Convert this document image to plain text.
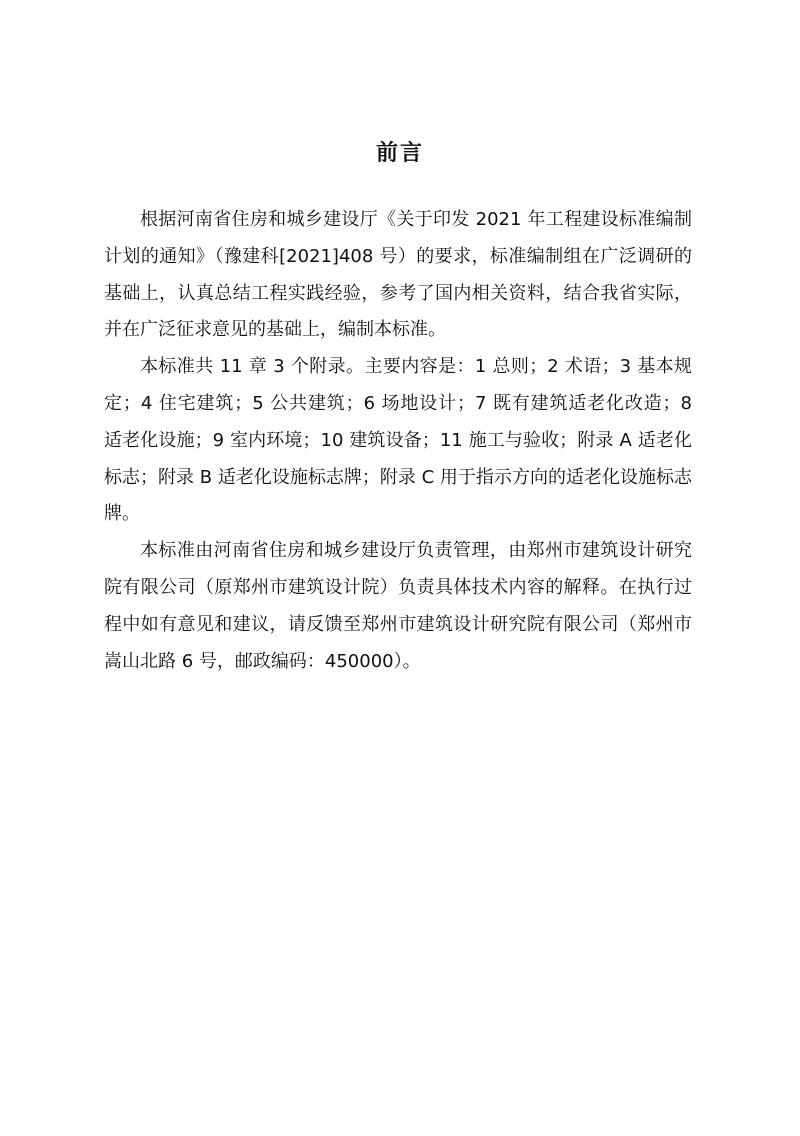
前言

根据河南省住房和城乡建设厅《关于印发 2021 年工程建设标准编制计划的通知》（豫建科[2021]408 号）的要求，标准编制组在广泛调研的基础上，认真总结工程实践经验，参考了国内相关资料，结合我省实际，并在广泛征求意见的基础上，编制本标准。

本标准共 11 章 3 个附录。主要内容是：1 总则；2 术语；3 基本规定；4 住宅建筑；5 公共建筑；6 场地设计；7 既有建筑适老化改造；8 适老化设施；9 室内环境；10 建筑设备；11 施工与验收；附录 A 适老化标志；附录 B 适老化设施标志牌；附录 C 用于指示方向的适老化设施标志牌。

本标准由河南省住房和城乡建设厅负责管理，由郑州市建筑设计研究院有限公司（原郑州市建筑设计院）负责具体技术内容的解释。在执行过程中如有意见和建议，请反馈至郑州市建筑设计研究院有限公司（郑州市嵩山北路 6 号，邮政编码：450000）。
